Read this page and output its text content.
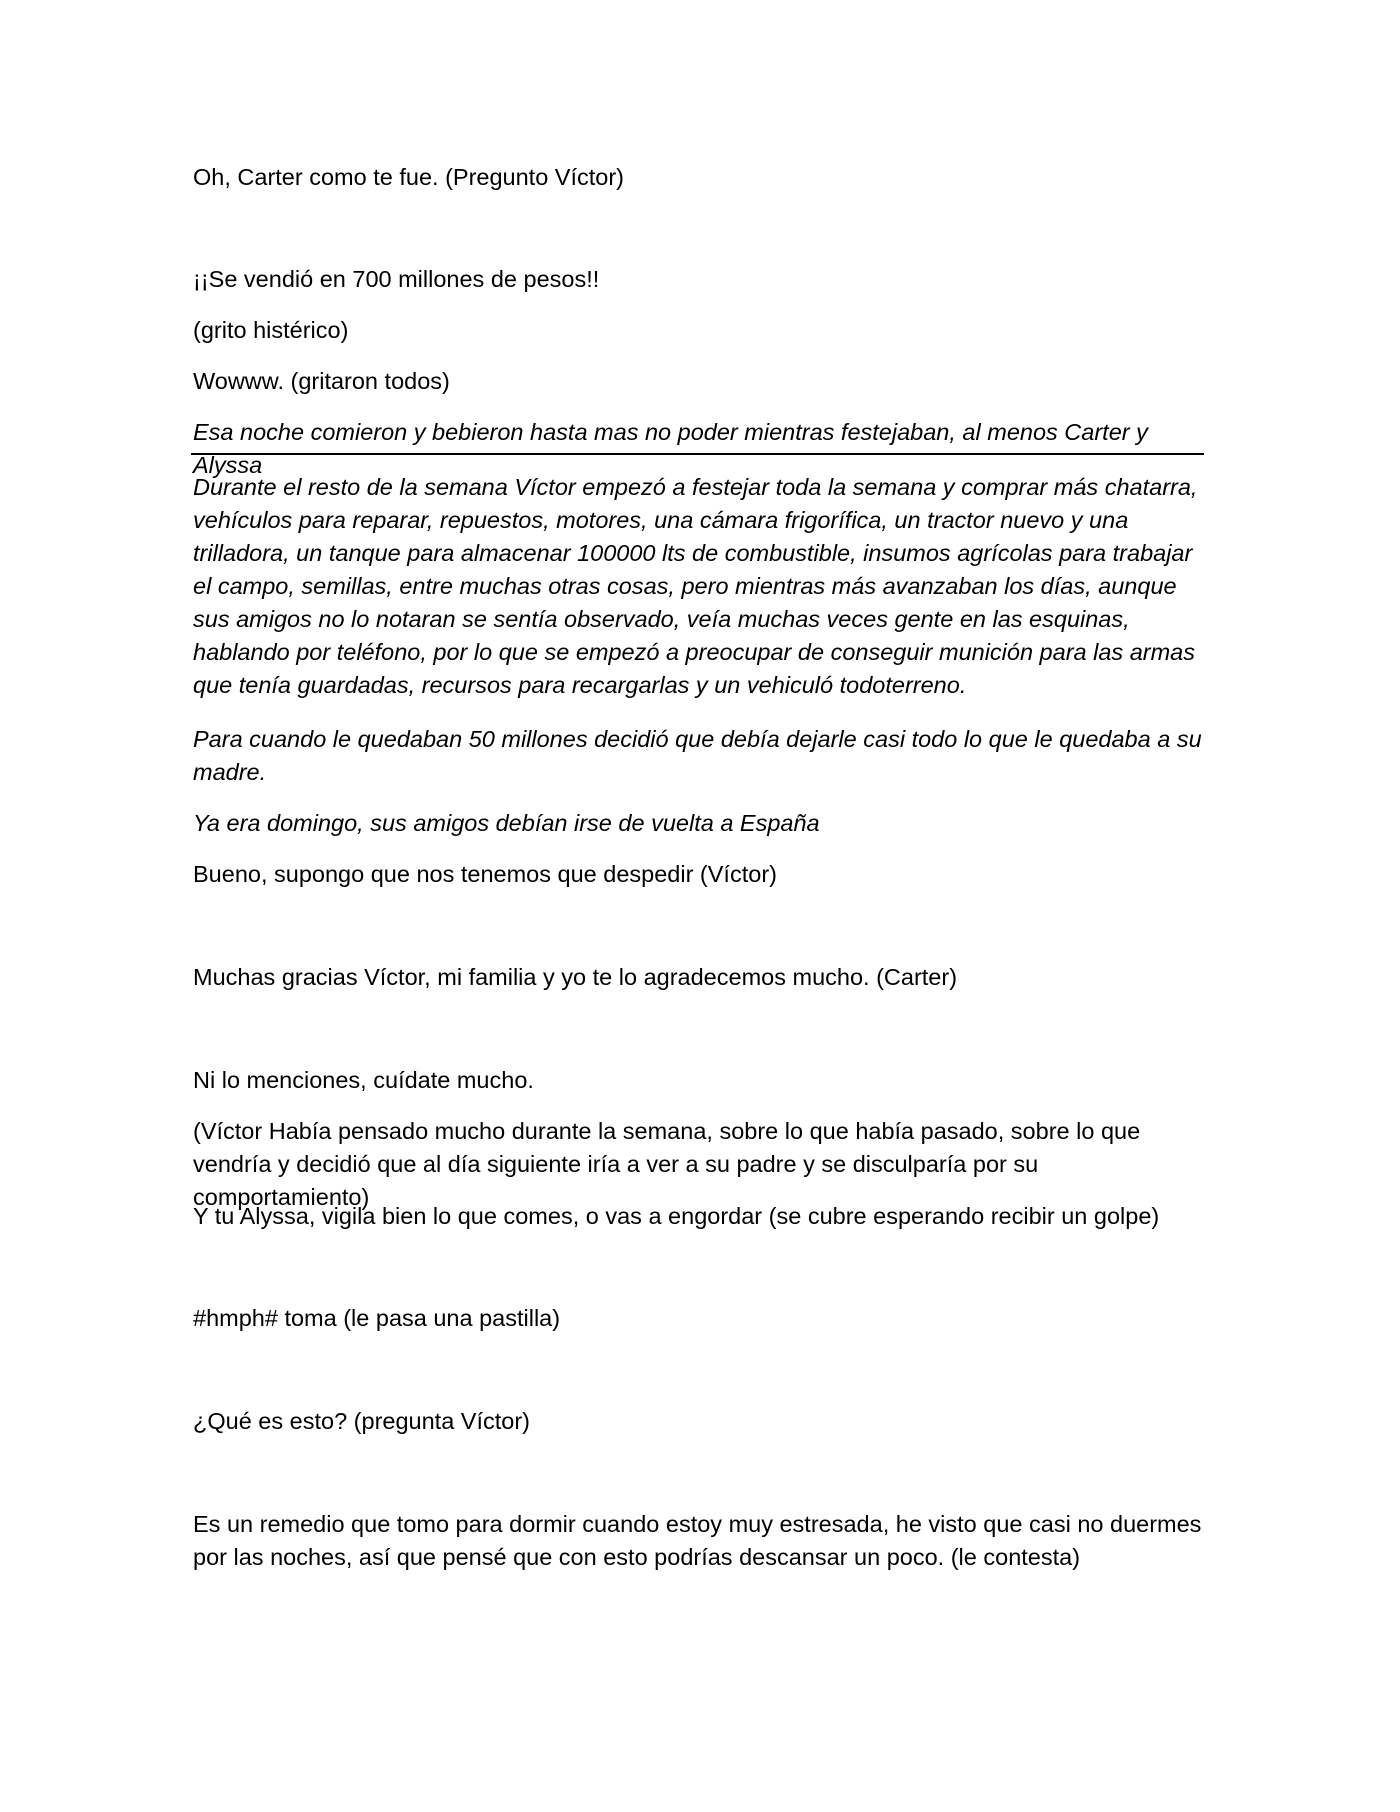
Oh, Carter como te fue. (Pregunto Víctor)

¡¡Se vendió en 700 millones de pesos!!

(grito histérico)

Wowww. (gritaron todos)

Esa noche comieron y bebieron hasta mas no poder mientras festejaban, al menos Carter y Alyssa

Durante el resto de la semana Víctor empezó a festejar toda la semana y comprar más chatarra, vehículos para reparar, repuestos, motores, una cámara frigorífica, un tractor nuevo y una trilladora, un tanque para almacenar 100000 lts de combustible, insumos agrícolas para trabajar el campo, semillas, entre muchas otras cosas, pero mientras más avanzaban los días, aunque sus amigos no lo notaran se sentía observado, veía muchas veces gente en las esquinas, hablando por teléfono, por lo que se empezó a preocupar de conseguir munición para las armas que tenía guardadas, recursos para recargarlas y un vehiculó todoterreno.

Para cuando le quedaban 50 millones decidió que debía dejarle casi todo lo que le quedaba a su madre.

Ya era domingo, sus amigos debían irse de vuelta a España

Bueno, supongo que nos tenemos que despedir (Víctor)

Muchas gracias Víctor, mi familia y yo te lo agradecemos mucho. (Carter)

Ni lo menciones, cuídate mucho.

(Víctor Había pensado mucho durante la semana, sobre lo que había pasado, sobre lo que vendría y decidió que al día siguiente iría a ver a su padre y se disculparía por su comportamiento)

Y tu Alyssa, vigila bien lo que comes, o vas a engordar (se cubre esperando recibir un golpe)

#hmph# toma (le pasa una pastilla)

¿Qué es esto? (pregunta Víctor)

Es un remedio que tomo para dormir cuando estoy muy estresada, he visto que casi no duermes por las noches, así que pensé que con esto podrías descansar un poco. (le contesta)
